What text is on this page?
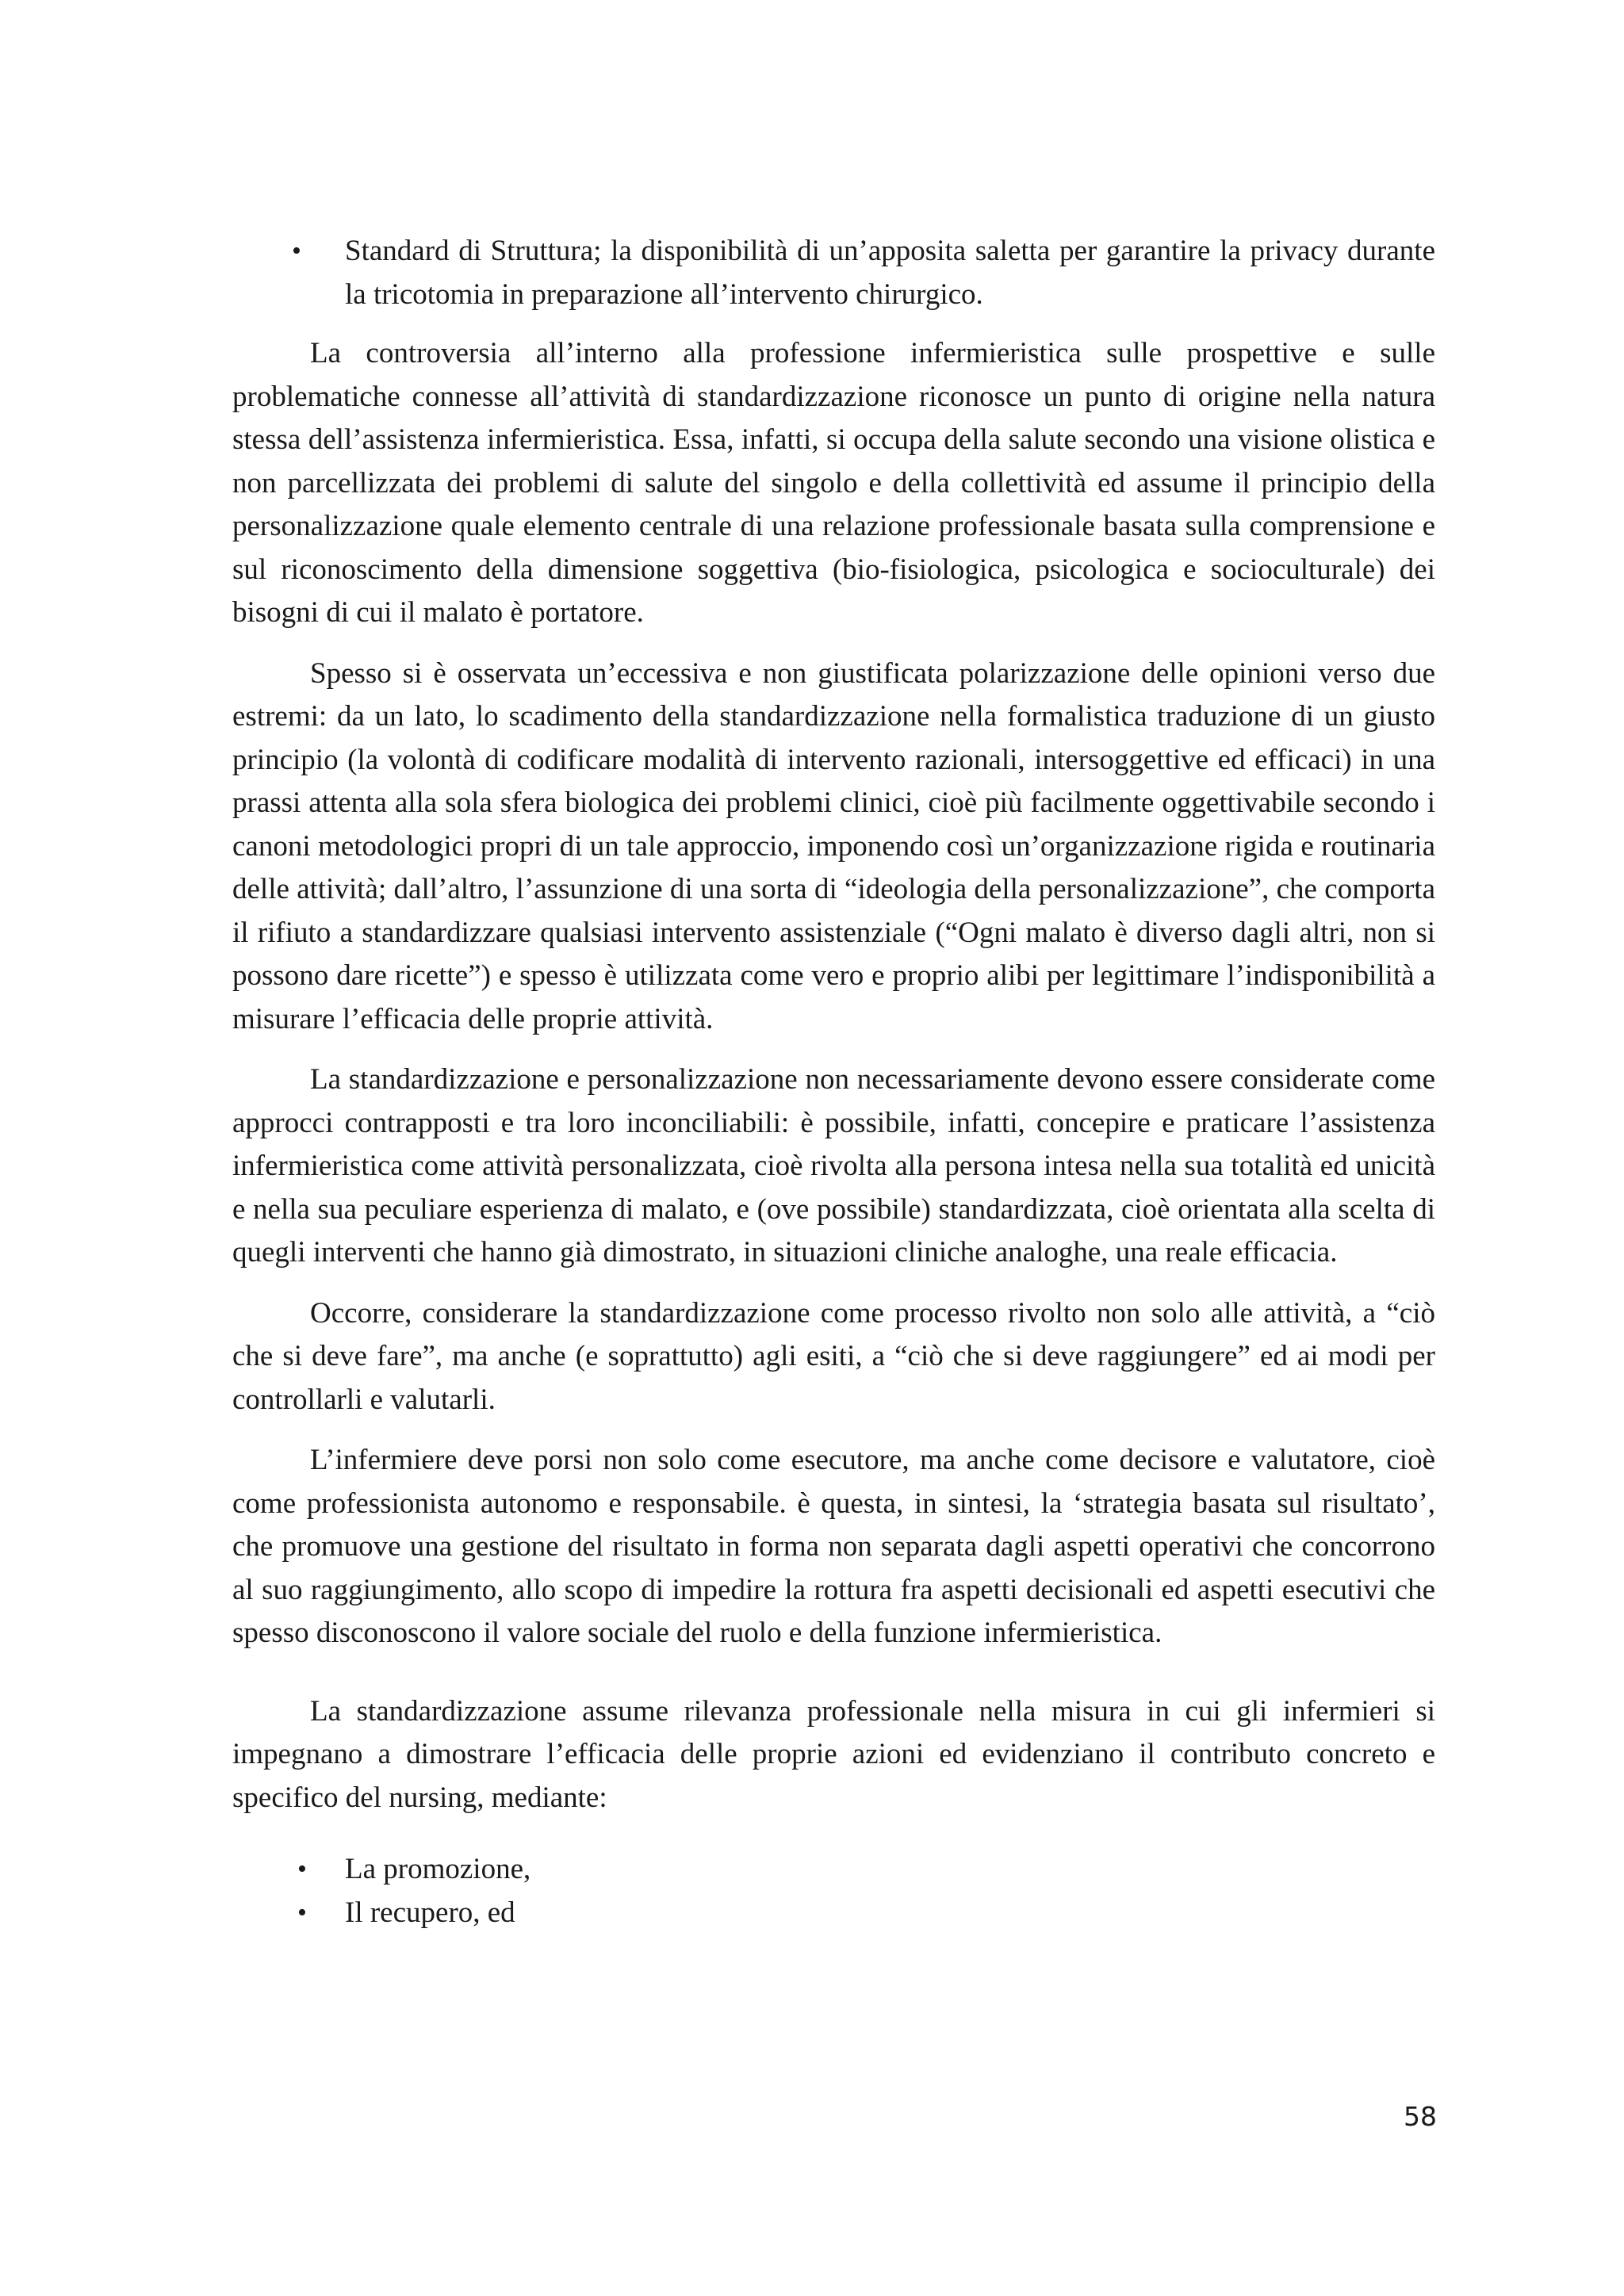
• Standard di Struttura; la disponibilità di un’apposita saletta per garantire la privacy durante la tricotomia in preparazione all’intervento chirurgico.

La controversia all’interno alla professione infermieristica sulle prospettive e sulle problematiche connesse all’attività di standardizzazione riconosce un punto di origine nella natura stessa dell’assistenza infermieristica. Essa, infatti, si occupa della salute secondo una visione olistica e non parcellizzata dei problemi di salute del singolo e della collettività ed assume il principio della personalizzazione quale elemento centrale di una relazione professionale basata sulla comprensione e sul riconoscimento della dimensione soggettiva (bio-fisiologica, psicologica e socioculturale) dei bisogni di cui il malato è portatore.

Spesso si è osservata un’eccessiva e non giustificata polarizzazione delle opinioni verso due estremi: da un lato, lo scadimento della standardizzazione nella formalistica traduzione di un giusto principio (la volontà di codificare modalità di intervento razionali, intersoggettive ed efficaci) in una prassi attenta alla sola sfera biologica dei problemi clinici, cioè più facilmente oggettivabile secondo i canoni metodologici propri di un tale approccio, imponendo così un’organizzazione rigida e routinaria delle attività; dall’altro, l’assunzione di una sorta di “ideologia della personalizzazione”, che comporta il rifiuto a standardizzare qualsiasi intervento assistenziale (“Ogni malato è diverso dagli altri, non si possono dare ricette”) e spesso è utilizzata come vero e proprio alibi per legittimare l’indisponibilità a misurare l’efficacia delle proprie attività.

La standardizzazione e personalizzazione non necessariamente devono essere considerate come approcci contrapposti e tra loro inconciliabili: è possibile, infatti, concepire e praticare l’assistenza infermieristica come attività personalizzata, cioè rivolta alla persona intesa nella sua totalità ed unicità e nella sua peculiare esperienza di malato, e (ove possibile) standardizzata, cioè orientata alla scelta di quegli interventi che hanno già dimostrato, in situazioni cliniche analoghe, una reale efficacia.

Occorre, considerare la standardizzazione come processo rivolto non solo alle attività, a “ciò che si deve fare”, ma anche (e soprattutto) agli esiti, a “ciò che si deve raggiungere” ed ai modi per controllarli e valutarli.

L’infermiere deve porsi non solo come esecutore, ma anche come decisore e valutatore, cioè come professionista autonomo e responsabile. è questa, in sintesi, la ‘strategia basata sul risultato’, che promuove una gestione del risultato in forma non separata dagli aspetti operativi che concorrono al suo raggiungimento, allo scopo di impedire la rottura fra aspetti decisionali ed aspetti esecutivi che spesso disconoscono il valore sociale del ruolo e della funzione infermieristica.

La standardizzazione assume rilevanza professionale nella misura in cui gli infermieri si impegnano a dimostrare l’efficacia delle proprie azioni ed evidenziano il contributo concreto e specifico del nursing, mediante:

• La promozione,
• Il recupero, ed
58
